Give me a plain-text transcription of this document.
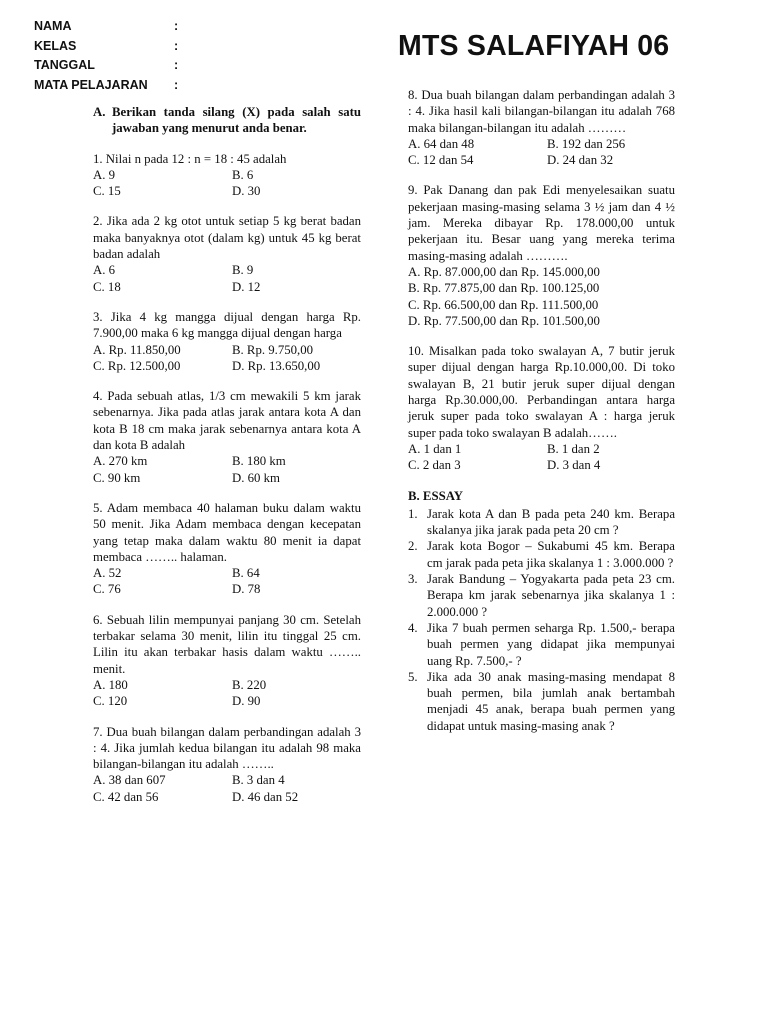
NAMA	:
KELAS	:
TANGGAL	:
MATA PELAJARAN :
MTS SALAFIYAH 06
A. Berikan tanda silang (X) pada salah satu jawaban yang menurut anda benar.
1. Nilai n pada 12 : n = 18 : 45 adalah
A. 9	B. 6
C. 15	D. 30
2. Jika ada 2 kg otot untuk setiap 5 kg berat badan maka banyaknya otot (dalam kg) untuk 45 kg berat badan adalah
A. 6	B. 9
C. 18	D. 12
3. Jika 4 kg mangga dijual dengan harga Rp. 7.900,00 maka 6 kg mangga dijual dengan harga
A. Rp. 11.850,00	B. Rp. 9.750,00
C. Rp. 12.500,00	D. Rp. 13.650,00
4. Pada sebuah atlas, 1/3 cm mewakili 5 km jarak sebenarnya. Jika pada atlas jarak antara kota A dan kota B 18 cm maka jarak sebenarnya antara kota A dan kota B adalah
A. 270 km	B. 180 km
C. 90 km	D. 60 km
5. Adam membaca 40 halaman buku dalam waktu 50 menit. Jika Adam membaca dengan kecepatan yang tetap maka dalam waktu 80 menit ia dapat membaca …….. halaman.
A. 52	B. 64
C. 76	D. 78
6. Sebuah lilin mempunyai panjang 30 cm. Setelah terbakar selama 30 menit, lilin itu tinggal 25 cm. Lilin itu akan terbakar hasis dalam waktu …….. menit.
A. 180	B. 220
C. 120	D. 90
7. Dua buah bilangan dalam perbandingan adalah 3 : 4. Jika jumlah kedua bilangan itu adalah 98 maka bilangan-bilangan itu adalah ……..
A. 38 dan 607	B. 3 dan 4
C. 42 dan 56	D. 46 dan 52
8. Dua buah bilangan dalam perbandingan adalah 3 : 4. Jika hasil kali bilangan-bilangan itu adalah 768 maka bilangan-bilangan itu adalah ………
A. 64 dan 48	B. 192 dan 256
C. 12 dan 54	D. 24 dan 32
9. Pak Danang dan pak Edi menyelesaikan suatu pekerjaan masing-masing selama 3 ½ jam dan 4 ½ jam. Mereka dibayar Rp. 178.000,00 untuk pekerjaan itu. Besar uang yang mereka terima masing-masing adalah ……….
A. Rp. 87.000,00 dan Rp. 145.000,00
B. Rp. 77.875,00 dan Rp. 100.125,00
C. Rp. 66.500,00 dan Rp. 111.500,00
D. Rp. 77.500,00 dan Rp. 101.500,00
10. Misalkan pada toko swalayan A, 7 butir jeruk super dijual dengan harga Rp.10.000,00. Di toko swalayan B, 21 butir jeruk super dijual dengan harga Rp.30.000,00. Perbandingan antara harga jeruk super pada toko swalayan A : harga jeruk super pada toko swalayan B adalah…….
A. 1 dan 1	B. 1 dan 2
C. 2 dan 3	D. 3 dan 4
B. ESSAY
1. Jarak kota A dan B pada peta 240 km. Berapa skalanya jika jarak pada peta 20 cm ?
2. Jarak kota Bogor – Sukabumi 45 km. Berapa cm jarak pada peta jika skalanya 1 : 3.000.000 ?
3. Jarak Bandung – Yogyakarta pada peta 23 cm. Berapa km jarak sebenarnya jika skalanya 1 : 2.000.000 ?
4. Jika 7 buah permen seharga Rp. 1.500,- berapa buah permen yang didapat jika mempunyai uang Rp. 7.500,- ?
5. Jika ada 30 anak masing-masing mendapat 8 buah permen, bila jumlah anak bertambah menjadi 45 anak, berapa buah permen yang didapat untuk masing-masing anak ?
